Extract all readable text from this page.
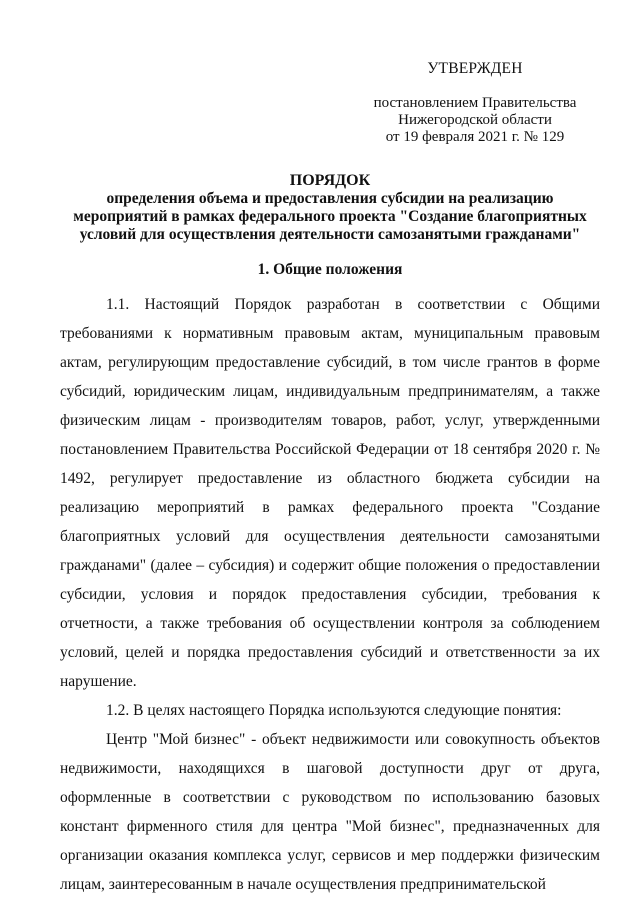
УТВЕРЖДЕН
постановлением Правительства
Нижегородской области
от 19 февраля 2021 г. № 129
ПОРЯДОК
определения объема и предоставления субсидии на реализацию
мероприятий в рамках федерального проекта "Создание благоприятных
условий для осуществления деятельности самозанятыми гражданами"
1. Общие положения

1.1. Настоящий Порядок разработан в соответствии с Общими требованиями к нормативным правовым актам, муниципальным правовым актам, регулирующим предоставление субсидий, в том числе грантов в форме субсидий, юридическим лицам, индивидуальным предпринимателям, а также физическим лицам - производителям товаров, работ, услуг, утвержденными постановлением Правительства Российской Федерации от 18 сентября 2020 г. № 1492, регулирует предоставление из областного бюджета субсидии на реализацию мероприятий в рамках федерального проекта "Создание благоприятных условий для осуществления деятельности самозанятыми гражданами" (далее – субсидия) и содержит общие положения о предоставлении субсидии, условия и порядок предоставления субсидии, требования к отчетности, а также требования об осуществлении контроля за соблюдением условий, целей и порядка предоставления субсидий и ответственности за их нарушение.

1.2. В целях настоящего Порядка используются следующие понятия:

Центр "Мой бизнес" - объект недвижимости или совокупность объектов недвижимости, находящихся в шаговой доступности друг от друга, оформленные в соответствии с руководством по использованию базовых констант фирменного стиля для центра "Мой бизнес", предназначенных для организации оказания комплекса услуг, сервисов и мер поддержки физическим лицам, заинтересованным в начале осуществления предпринимательской
